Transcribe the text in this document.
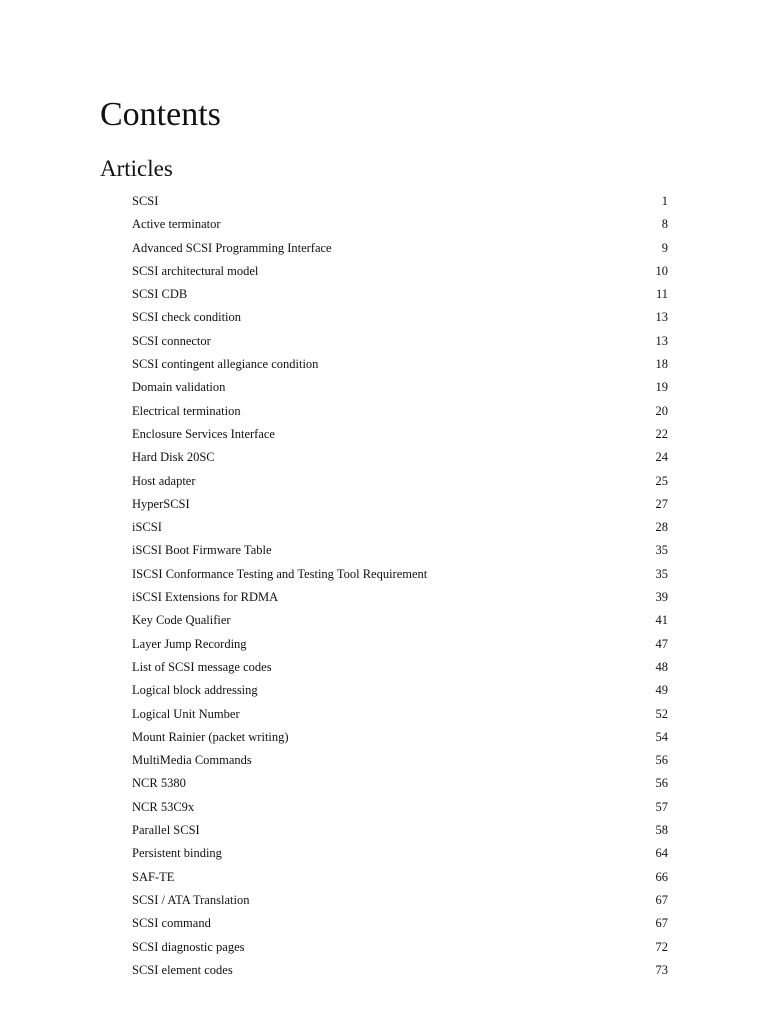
Contents
Articles
SCSI	1
Active terminator	8
Advanced SCSI Programming Interface	9
SCSI architectural model	10
SCSI CDB	11
SCSI check condition	13
SCSI connector	13
SCSI contingent allegiance condition	18
Domain validation	19
Electrical termination	20
Enclosure Services Interface	22
Hard Disk 20SC	24
Host adapter	25
HyperSCSI	27
iSCSI	28
iSCSI Boot Firmware Table	35
ISCSI Conformance Testing and Testing Tool Requirement	35
iSCSI Extensions for RDMA	39
Key Code Qualifier	41
Layer Jump Recording	47
List of SCSI message codes	48
Logical block addressing	49
Logical Unit Number	52
Mount Rainier (packet writing)	54
MultiMedia Commands	56
NCR 5380	56
NCR 53C9x	57
Parallel SCSI	58
Persistent binding	64
SAF-TE	66
SCSI / ATA Translation	67
SCSI command	67
SCSI diagnostic pages	72
SCSI element codes	73
